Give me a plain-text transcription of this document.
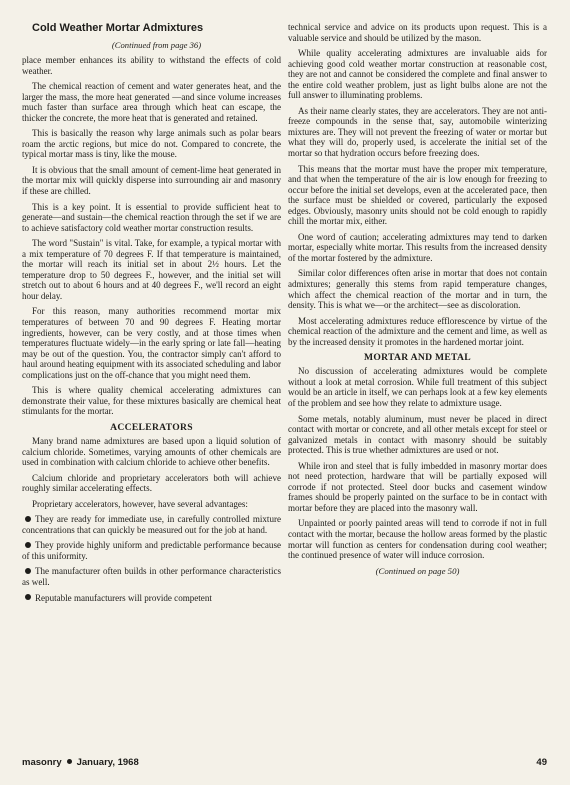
Cold Weather Mortar Admixtures

(Continued from page 36)

place member enhances its ability to withstand the effects of cold weather.

The chemical reaction of cement and water generates heat, and the larger the mass, the more heat generated —and since volume increases much faster than surface area through which heat can escape, the thicker the concrete, the more heat that is generated and retained.

This is basically the reason why large animals such as polar bears roam the arctic regions, but mice do not. Compared to concrete, the typical mortar mass is tiny, like the mouse.

It is obvious that the small amount of cement-lime heat generated in the mortar mix will quickly disperse into surrounding air and masonry if these are chilled.

This is a key point. It is essential to provide sufficient heat to generate—and sustain—the chemical reaction through the set if we are to achieve satisfactory cold weather mortar construction results.

The word "Sustain" is vital. Take, for example, a typical mortar with a mix temperature of 70 degrees F. If that temperature is maintained, the mortar will reach its initial set in about 2½ hours. Let the temperature drop to 50 degrees F., however, and the initial set will stretch out to about 6 hours and at 40 degrees F., we'll record an eight hour delay.

For this reason, many authorities recommend mortar mix temperatures of between 70 and 90 degrees F. Heating mortar ingredients, however, can be very costly, and at those times when temperatures fluctuate widely—in the early spring or late fall—heating may be out of the question. You, the contractor simply can't afford to haul around heating equipment with its associated scheduling and labor complications just on the off-chance that you might need them.

This is where quality chemical accelerating admixtures can demonstrate their value, for these mixtures basically are chemical heat stimulants for the mortar.

ACCELERATORS

Many brand name admixtures are based upon a liquid solution of calcium chloride. Sometimes, varying amounts of other chemicals are used in combination with calcium chloride to achieve other benefits.

Calcium chloride and proprietary accelerators both will achieve roughly similar accelerating effects.

Proprietary accelerators, however, have several advantages:

They are ready for immediate use, in carefully controlled mixture concentrations that can quickly be measured out for the job at hand.

They provide highly uniform and predictable performance because of this uniformity.

The manufacturer often builds in other performance characteristics as well.

Reputable manufacturers will provide competent

technical service and advice on its products upon request. This is a valuable service and should be utilized by the mason.

While quality accelerating admixtures are invaluable aids for achieving good cold weather mortar construction at reasonable cost, they are not and cannot be considered the complete and final answer to the entire cold weather problem, just as light bulbs alone are not the full answer to illuminating problems.

As their name clearly states, they are accelerators. They are not anti-freeze compounds in the sense that, say, automobile winterizing mixtures are. They will not prevent the freezing of water or mortar but what they will do, properly used, is accelerate the initial set of the mortar so that hydration occurs before freezing does.

This means that the mortar must have the proper mix temperature, and that when the temperature of the air is low enough for freezing to occur before the initial set develops, even at the accelerated pace, then the surface must be shielded or covered, particularly the exposed edges. Obviously, masonry units should not be cold enough to rapidly chill the mortar mix, either.

One word of caution; accelerating admixtures may tend to darken mortar, especially white mortar. This results from the increased density of the mortar fostered by the admixture.

Similar color differences often arise in mortar that does not contain admixtures; generally this stems from rapid temperature changes, which affect the chemical reaction of the mortar and in turn, the density. This is what we—or the architect—see as discoloration.

Most accelerating admixtures reduce efflorescence by virtue of the chemical reaction of the admixture and the cement and lime, as well as by the increased density it promotes in the hardened mortar joint.

MORTAR AND METAL

No discussion of accelerating admixtures would be complete without a look at metal corrosion. While full treatment of this subject would be an article in itself, we can perhaps look at a few key elements of the problem and see how they relate to admixture usage.

Some metals, notably aluminum, must never be placed in direct contact with mortar or concrete, and all other metals except for steel or galvanized metals in contact with masonry should be suitably protected. This is true whether admixtures are used or not.

While iron and steel that is fully imbedded in masonry mortar does not need protection, hardware that will be partially exposed will corrode if not protected. Steel door bucks and casement window frames should be properly painted on the surface to be in contact with mortar before they are placed into the masonry wall.

Unpainted or poorly painted areas will tend to corrode if not in full contact with the mortar, because the hollow areas formed by the plastic mortar will function as centers for condensation during cool weather; the continued presence of water will induce corrosion.

(Continued on page 50)
masonry January, 1968	49
